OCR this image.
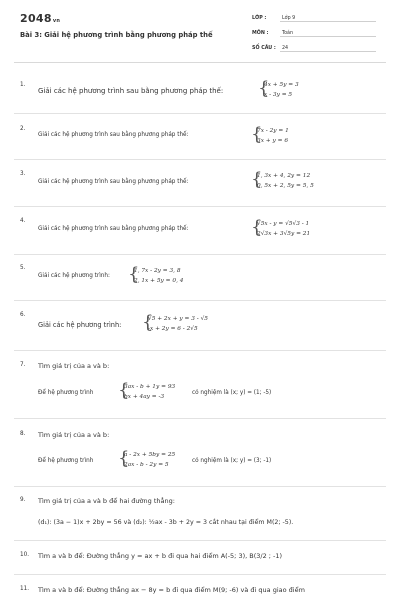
2048vn
Bài 3: Giải hệ phương trình bằng phương pháp thế
LỚP :	Lớp 9
MÔN :	Toán
SỐ CÂU : 24
1.
Giải các hệ phương trình sau bằng phương pháp thế: {
4x + 5y = 3
x - 3y = 5
2.
Giải các hệ phương trình sau bằng phương pháp thế:	{
7x - 2y = 1
3x + y = 6
3.
Giải các hệ phương trình sau bằng phương pháp thế:	{
1, 3x + 4, 2y = 12
0, 5x + 2, 5y = 5, 5
4.
Giải các hệ phương trình sau bằng phương pháp thế:	{
√5x - y = √5√3 - 1
2√3x + 3√5y = 21
5.
Giải các hệ phương trình: {
1, 7x - 2y = 3, 8
2, 1x + 5y = 0, 4
6.
Giải các hệ phương trình: {
√5 + 2x + y = 3 - √5
-x + 2y = 6 - 2√5
7. Tìm giá trị của a và b:
Để hệ phương trình {
3ax - b + 1y = 93
bx + 4ay = -3
có nghiệm là (x; y) = (1; -5)
8. Tìm giá trị của a và b:
Để hệ phương trình {
a - 2x + 5by = 25
2ax - b - 2y = 5
có nghiệm là (x; y) = (3; -1)
9. Tìm giá trị của a và b để hai đường thẳng:
(d₁): (3a − 1)x + 2by = 56 và (d₂): ½ax - 3b + 2y = 3 cắt nhau tại điểm M(2; -5).
10. Tìm a và b để: Đường thẳng y = ax + b đi qua hai điểm A(-5; 3), B(3/2 ; -1)
11. Tìm a và b để: Đường thẳng ax − 8y = b đi qua điểm M(9; -6) và đi qua giao điểm
